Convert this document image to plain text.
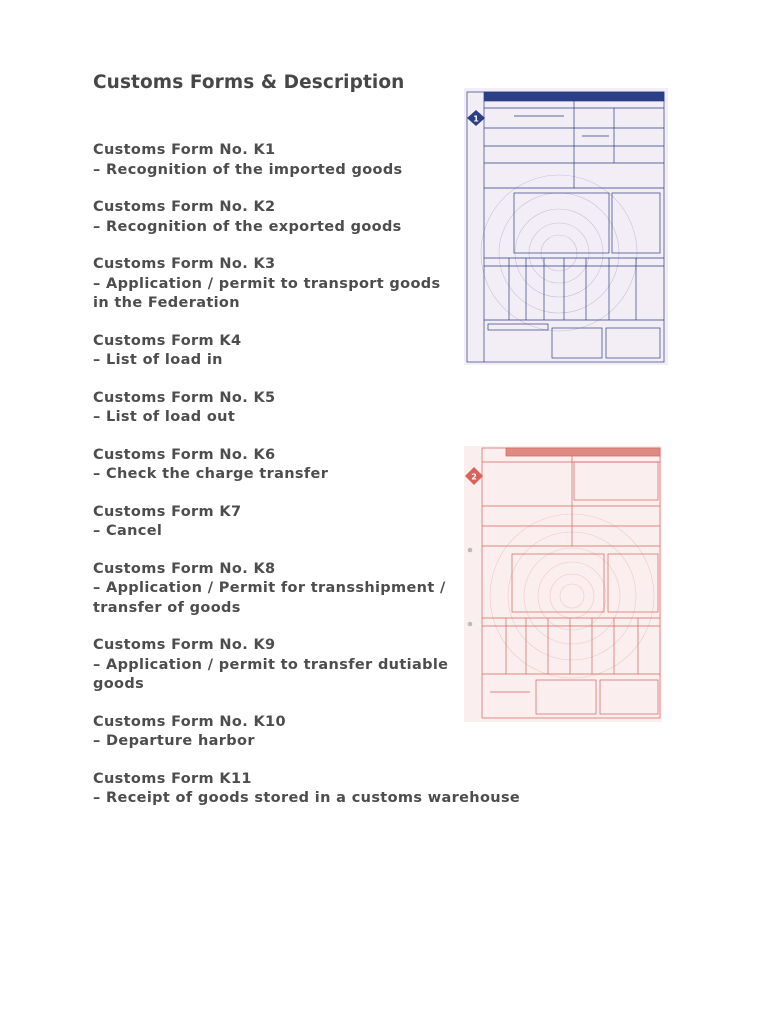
Customs Forms & Description
Customs Form No. K1
– Recognition of the imported goods
Customs Form No. K2
– Recognition of the exported goods
Customs Form No. K3
– Application / permit to transport goods
in the Federation
Customs Form K4
– List of load in
Customs Form No. K5
– List of load out
Customs Form No. K6
– Check the charge transfer
Customs Form K7
– Cancel
Customs Form No. K8
– Application / Permit for transshipment /
transfer of goods
Customs Form No. K9
– Application / permit to transfer dutiable
goods
Customs Form No. K10
– Departure harbor
Customs Form K11
– Receipt of goods stored in a customs warehouse
1
2
